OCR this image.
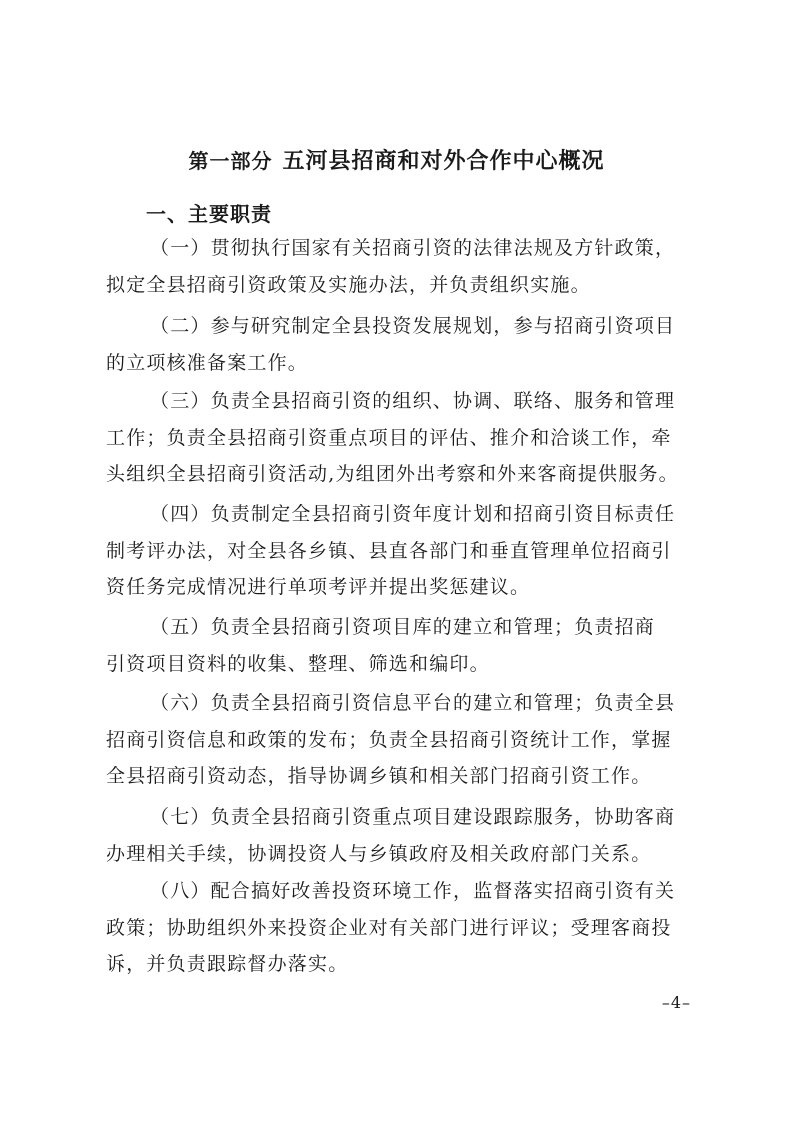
第一部分 五河县招商和对外合作中心概况
一、主要职责
（一）贯彻执行国家有关招商引资的法律法规及方针政策，
拟定全县招商引资政策及实施办法，并负责组织实施。
（二）参与研究制定全县投资发展规划，参与招商引资项目
的立项核准备案工作。
（三）负责全县招商引资的组织、协调、联络、服务和管理
工作；负责全县招商引资重点项目的评估、推介和洽谈工作，牵
头组织全县招商引资活动,为组团外出考察和外来客商提供服务。
（四）负责制定全县招商引资年度计划和招商引资目标责任
制考评办法，对全县各乡镇、县直各部门和垂直管理单位招商引
资任务完成情况进行单项考评并提出奖惩建议。
（五）负责全县招商引资项目库的建立和管理；负责招商
引资项目资料的收集、整理、筛选和编印。
（六）负责全县招商引资信息平台的建立和管理；负责全县
招商引资信息和政策的发布；负责全县招商引资统计工作，掌握
全县招商引资动态，指导协调乡镇和相关部门招商引资工作。
（七）负责全县招商引资重点项目建设跟踪服务，协助客商
办理相关手续，协调投资人与乡镇政府及相关政府部门关系。
（八）配合搞好改善投资环境工作，监督落实招商引资有关
政策；协助组织外来投资企业对有关部门进行评议；受理客商投
诉，并负责跟踪督办落实。
–4–
